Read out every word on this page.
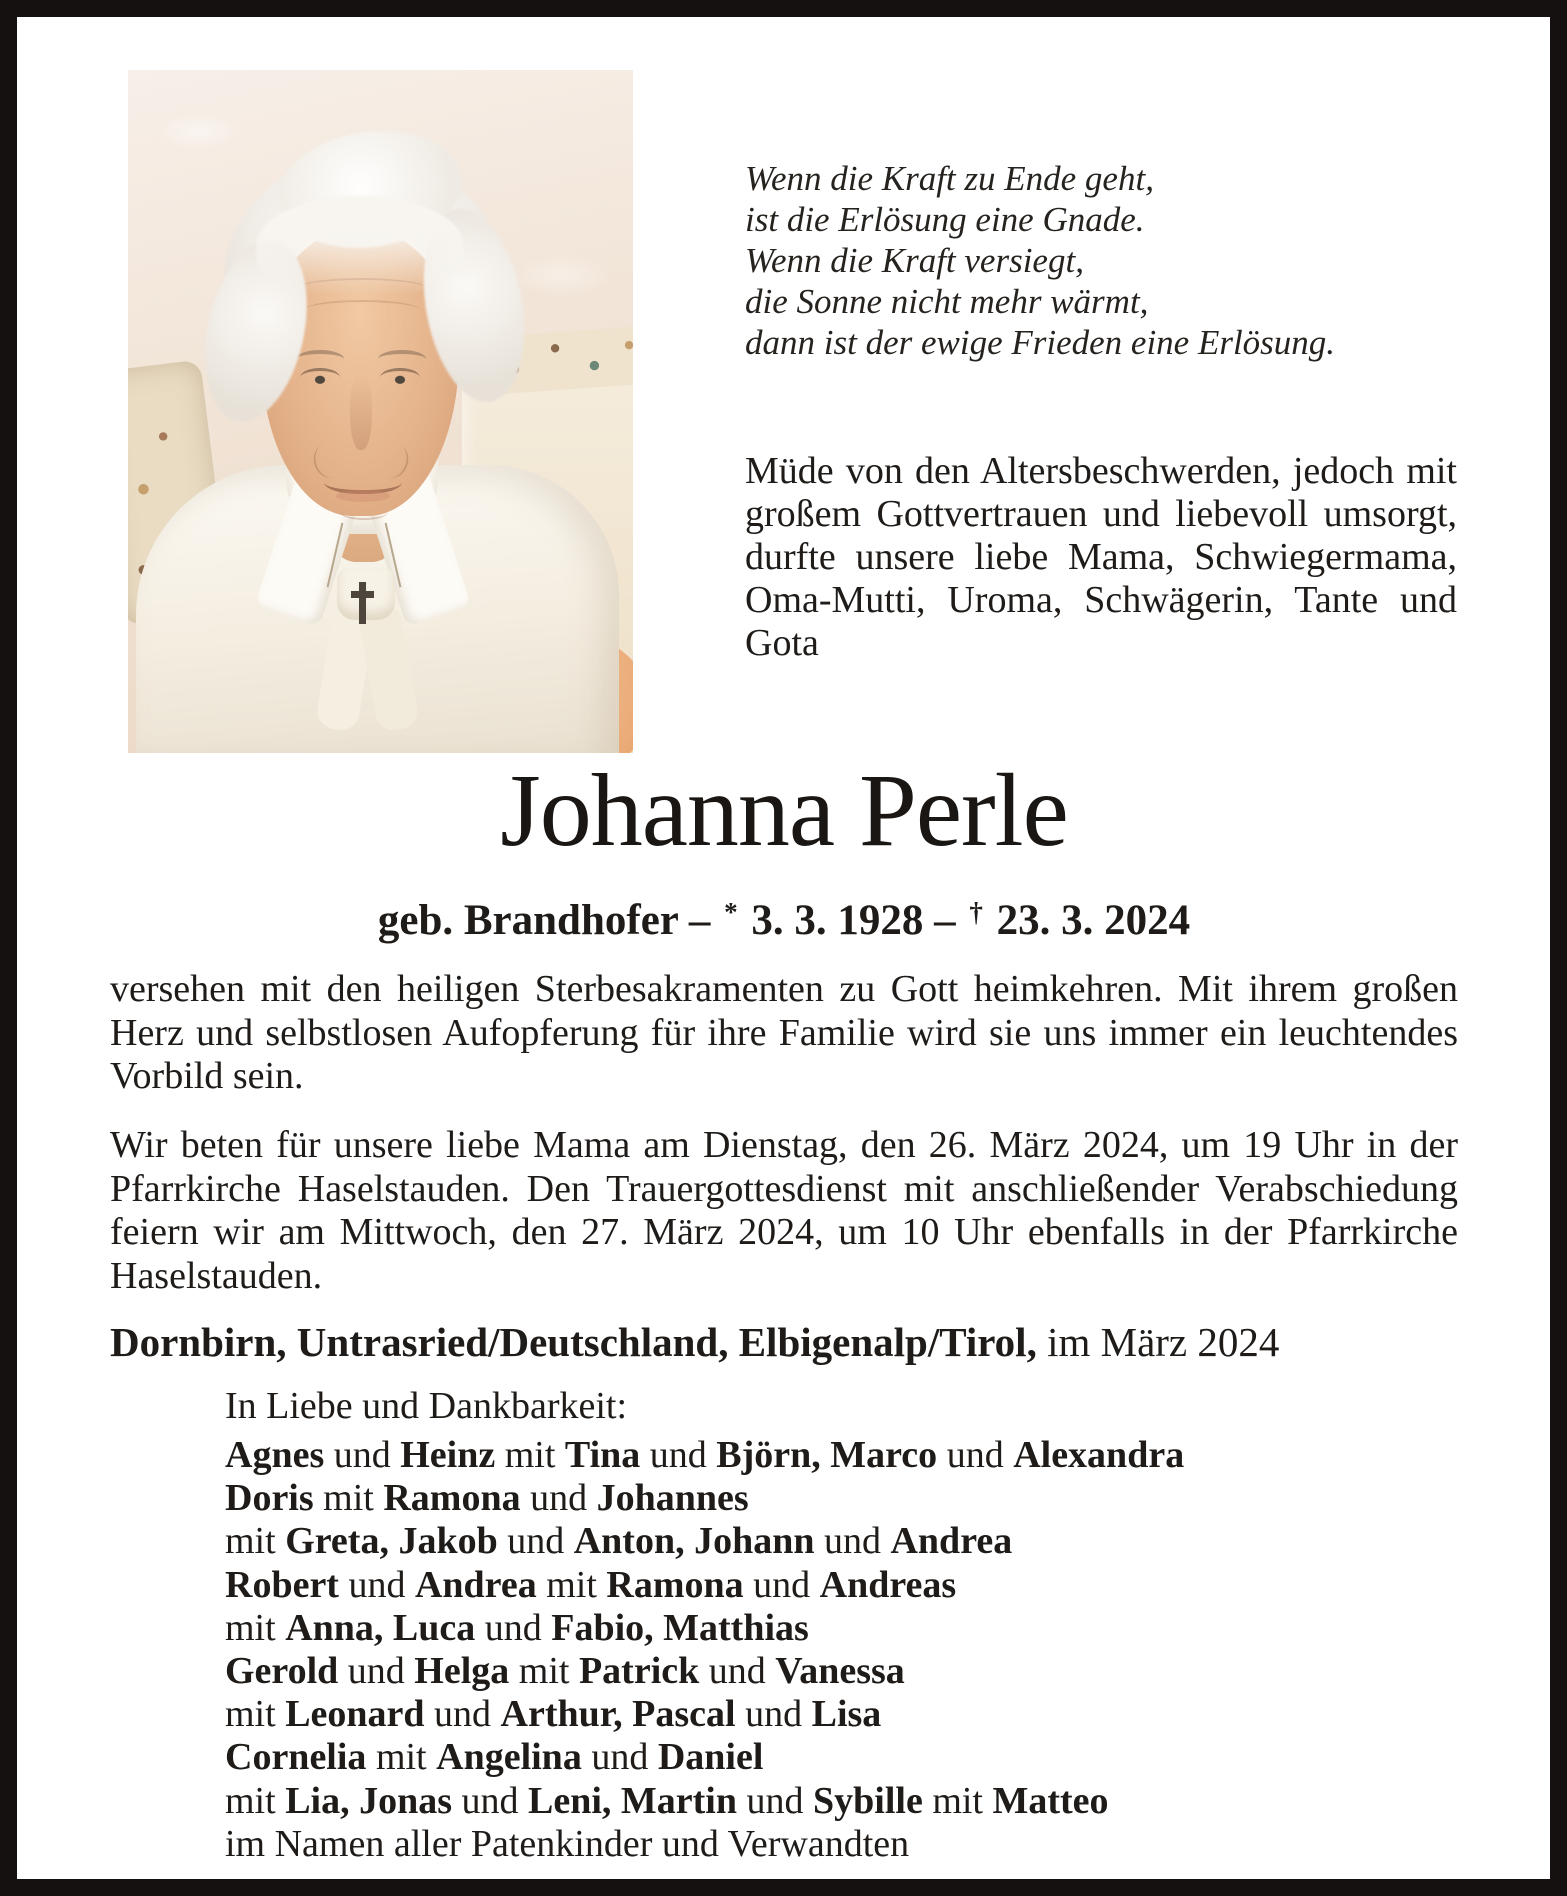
Wenn die Kraft zu Ende geht,
ist die Erlösung eine Gnade.
Wenn die Kraft versiegt,
die Sonne nicht mehr wärmt,
dann ist der ewige Frieden eine Erlösung.
Müde von den Altersbeschwerden, jedoch mit großem Gottvertrauen und liebevoll umsorgt, durfte unsere liebe Mama, Schwiegermama, Oma-Mutti, Uroma, Schwägerin, Tante und Gota
Johanna Perle
geb. Brandhofer – * 3. 3. 1928 – † 23. 3. 2024
versehen mit den heiligen Sterbesakramenten zu Gott heimkehren. Mit ihrem großen Herz und selbstlosen Aufopferung für ihre Familie wird sie uns immer ein leuchtendes Vorbild sein.
Wir beten für unsere liebe Mama am Dienstag, den 26. März 2024, um 19 Uhr in der Pfarrkirche Haselstauden. Den Trauergottesdienst mit anschließender Verabschiedung feiern wir am Mittwoch, den 27. März 2024, um 10 Uhr ebenfalls in der Pfarrkirche Haselstauden.
Dornbirn, Untrasried/Deutschland, Elbigenalp/Tirol, im März 2024
In Liebe und Dankbarkeit:
Agnes und Heinz mit Tina und Björn, Marco und Alexandra
Doris mit Ramona und Johannes
mit Greta, Jakob und Anton, Johann und Andrea
Robert und Andrea mit Ramona und Andreas
mit Anna, Luca und Fabio, Matthias
Gerold und Helga mit Patrick und Vanessa
mit Leonard und Arthur, Pascal und Lisa
Cornelia mit Angelina und Daniel
mit Lia, Jonas und Leni, Martin und Sybille mit Matteo
im Namen aller Patenkinder und Verwandten
